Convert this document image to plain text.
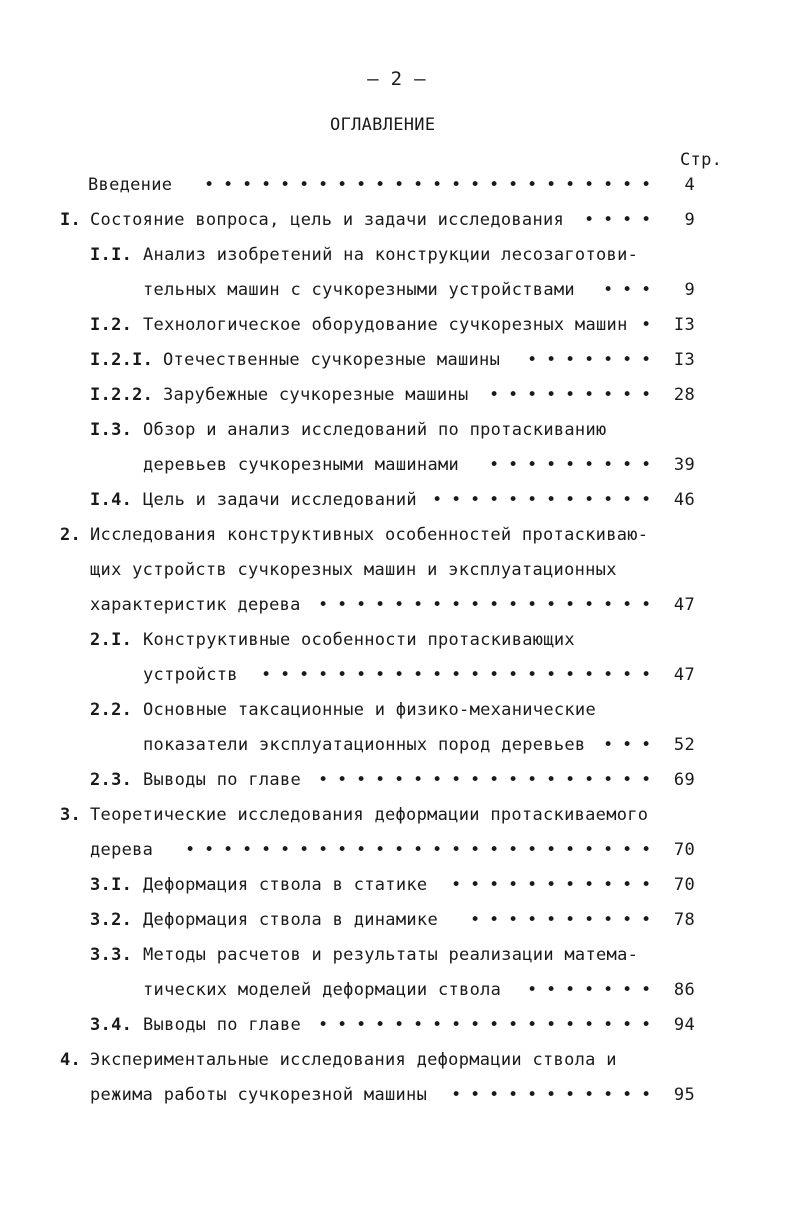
– 2 –
ОГЛАВЛЕНИЕ
Стр.
Введение • • • • • • • • • • • • • • • • • • • • • • • •	4
I. Состояние вопроса, цель и задачи исследования • • • •	9
I.I. Анализ изобретений на конструкции лесозаготови-
тельных машин с сучкорезными устройствами • • •	9
I.2. Технологическое оборудование сучкорезных машин •	I3
I.2.I. Отечественные сучкорезные машины • • • • • • •	I3
I.2.2. Зарубежные сучкорезные машины • • • • • • • • •	28
I.3. Обзор и анализ исследований по протаскиванию
деревьев сучкорезными машинами • • • • • • • • •	39
I.4. Цель и задачи исследований • • • • • • • • • • • •	46
2. Исследования конструктивных особенностей протаскиваю-
щих устройств сучкорезных машин и эксплуатационных
характеристик дерева • • • • • • • • • • • • • • • • • •	47
2.I. Конструктивные особенности протаскивающих
устройств • • • • • • • • • • • • • • • • • • • • •	47
2.2. Основные таксационные и физико-механические
показатели эксплуатационных пород деревьев • • •	52
2.3. Выводы по главе • • • • • • • • • • • • • • • • • •	69
3. Теоретические исследования деформации протаскиваемого
дерева • • • • • • • • • • • • • • • • • • • • • • • • •	70
3.I. Деформация ствола в статике • • • • • • • • • • •	70
3.2. Деформация ствола в динамике • • • • • • • • • •	78
3.3. Методы расчетов и результаты реализации матема-
тических моделей деформации ствола • • • • • • •	86
3.4. Выводы по главе • • • • • • • • • • • • • • • • • •	94
4. Экспериментальные исследования деформации ствола и
режима работы сучкорезной машины • • • • • • • • • • •	95
